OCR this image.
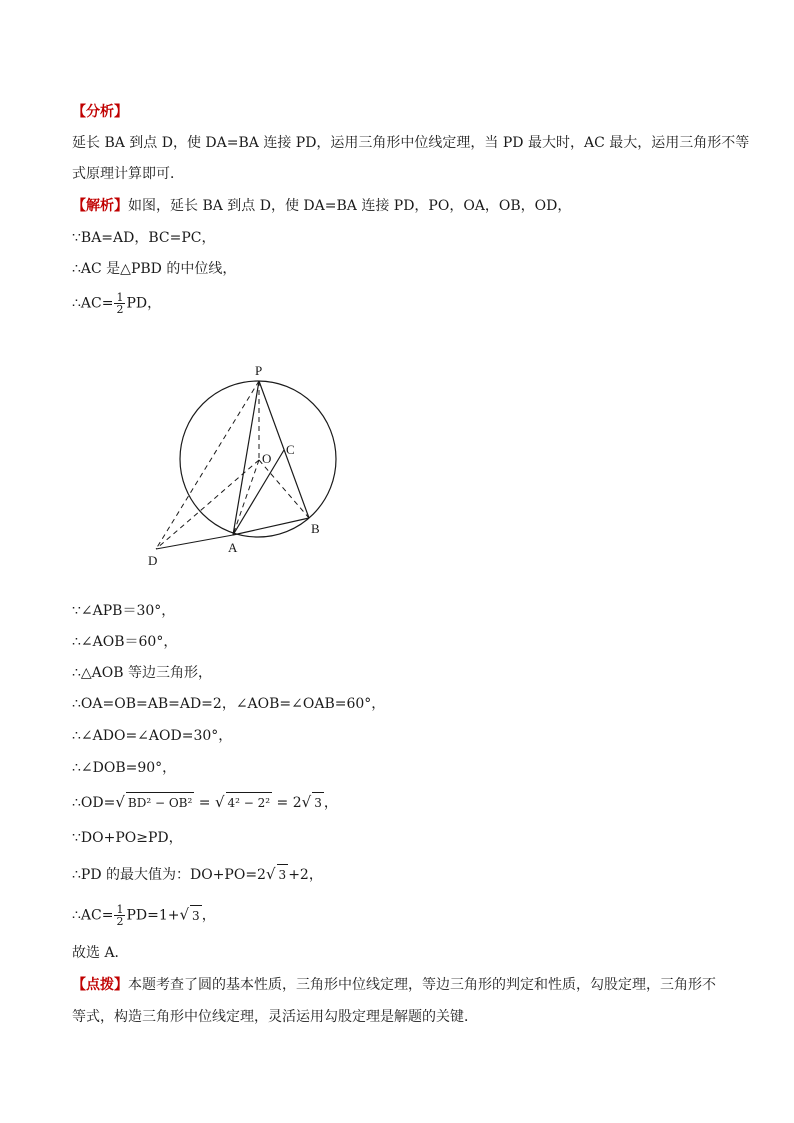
【分析】
延长 BA 到点 D，使 DA=BA 连接 PD，运用三角形中位线定理，当 PD 最大时，AC 最大，运用三角形不等
式原理计算即可．
【解析】如图，延长 BA 到点 D，使 DA=BA 连接 PD，PO，OA，OB，OD，
∵BA=AD，BC=PC，
∴AC 是△PBD 的中位线，
∴AC= $\frac{1}{2}$ PD，
P
O
C
A
B
D
∵∠APB＝30°，
∴∠AOB＝60°，
∴△AOB 等边三角形，
∴OA=OB=AB=AD=2，∠AOB=∠OAB=60°，
∴∠ADO=∠AOD=30°，
∴∠DOB=90°，
∴OD=√ BD² − OB² = √ 4² − 2² = 2√ 3 ，
∵DO+PO≥PD，
∴PD 的最大值为：DO+PO=2√ 3 +2，
∴AC= $\frac{1}{2} PD=1+√$ 3 ，
故选 A．
【点拨】本题考查了圆的基本性质，三角形中位线定理，等边三角形的判定和性质，勾股定理，三角形不
等式，构造三角形中位线定理，灵活运用勾股定理是解题的关键．
